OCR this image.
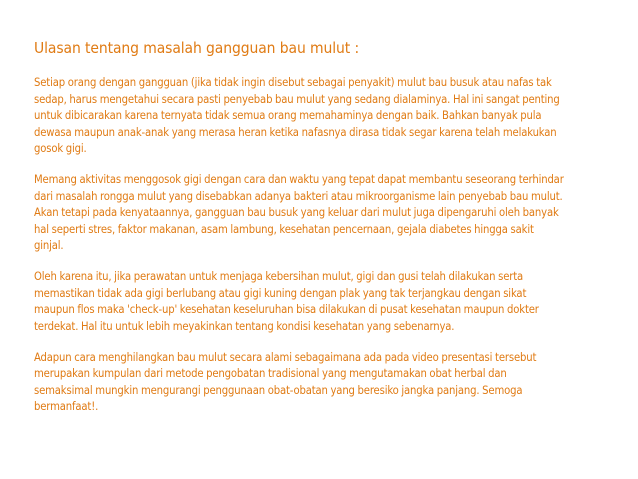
Ulasan tentang masalah gangguan bau mulut :
Setiap orang dengan gangguan (jika tidak ingin disebut sebagai penyakit) mulut bau busuk atau nafas tak
sedap, harus mengetahui secara pasti penyebab bau mulut yang sedang dialaminya. Hal ini sangat penting
untuk dibicarakan karena ternyata tidak semua orang memahaminya dengan baik. Bahkan banyak pula
dewasa maupun anak-anak yang merasa heran ketika nafasnya dirasa tidak segar karena telah melakukan
gosok gigi.
Memang aktivitas menggosok gigi dengan cara dan waktu yang tepat dapat membantu seseorang terhindar
dari masalah rongga mulut yang disebabkan adanya bakteri atau mikroorganisme lain penyebab bau mulut.
Akan tetapi pada kenyataannya, gangguan bau busuk yang keluar dari mulut juga dipengaruhi oleh banyak
hal seperti stres, faktor makanan, asam lambung, kesehatan pencernaan, gejala diabetes hingga sakit
ginjal.
Oleh karena itu, jika perawatan untuk menjaga kebersihan mulut, gigi dan gusi telah dilakukan serta
memastikan tidak ada gigi berlubang atau gigi kuning dengan plak yang tak terjangkau dengan sikat
maupun flos maka 'check-up' kesehatan keseluruhan bisa dilakukan di pusat kesehatan maupun dokter
terdekat. Hal itu untuk lebih meyakinkan tentang kondisi kesehatan yang sebenarnya.
Adapun cara menghilangkan bau mulut secara alami sebagaimana ada pada video presentasi tersebut
merupakan kumpulan dari metode pengobatan tradisional yang mengutamakan obat herbal dan
semaksimal mungkin mengurangi penggunaan obat-obatan yang beresiko jangka panjang. Semoga
bermanfaat!.
